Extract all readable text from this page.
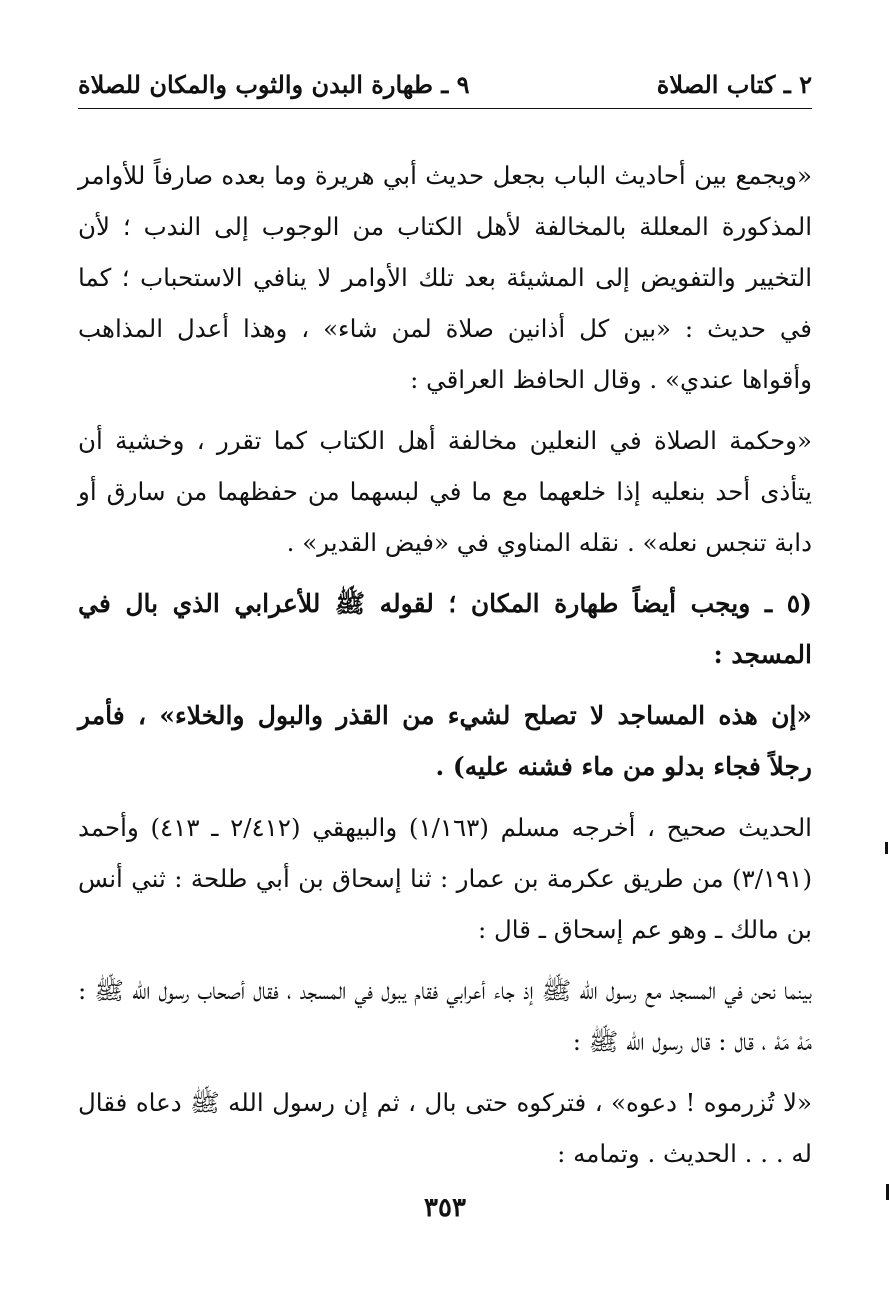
٢ ـ كتاب الصلاة
٩ ـ طهارة البدن والثوب والمكان للصلاة

«ويجمع بين أحاديث الباب بجعل حديث أبي هريرة وما بعده صارفاً للأوامر المذكورة المعللة بالمخالفة لأهل الكتاب من الوجوب إلى الندب ؛ لأن التخيير والتفويض إلى المشيئة بعد تلك الأوامر لا ينافي الاستحباب ؛ كما في حديث : «بين كل أذانين صلاة لمن شاء» ، وهذا أعدل المذاهب وأقواها عندي» . وقال الحافظ العراقي :

«وحكمة الصلاة في النعلين مخالفة أهل الكتاب كما تقرر ، وخشية أن يتأذى أحد بنعليه إذا خلعهما مع ما في لبسهما من حفظهما من سارق أو دابة تنجس نعله» . نقله المناوي في «فيض القدير» .

(٥ ـ ويجب أيضاً طهارة المكان ؛ لقوله ﷺ للأعرابي الذي بال في المسجد :

«إن هذه المساجد لا تصلح لشيء من القذر والبول والخلاء» ، فأمر رجلاً فجاء بدلو من ماء فشنه عليه) .

الحديث صحيح ، أخرجه مسلم (١/١٦٣) والبيهقي (٢/٤١٢ ـ ٤١٣) وأحمد (٣/١٩١) من طريق عكرمة بن عمار : ثنا إسحاق بن أبي طلحة : ثني أنس بن مالك ـ وهو عم إسحاق ـ قال :

بينما نحن في المسجد مع رسول الله ﷺ إذ جاء أعرابي فقام يبول في المسجد ، فقال أصحاب رسول الله ﷺ : مَهْ مَهْ ، قال : قال رسول الله ﷺ :

«لا تُزرموه ! دعوه» ، فتركوه حتى بال ، ثم إن رسول الله ﷺ دعاه فقال له . . . الحديث . وتمامه :

٣٥٣
